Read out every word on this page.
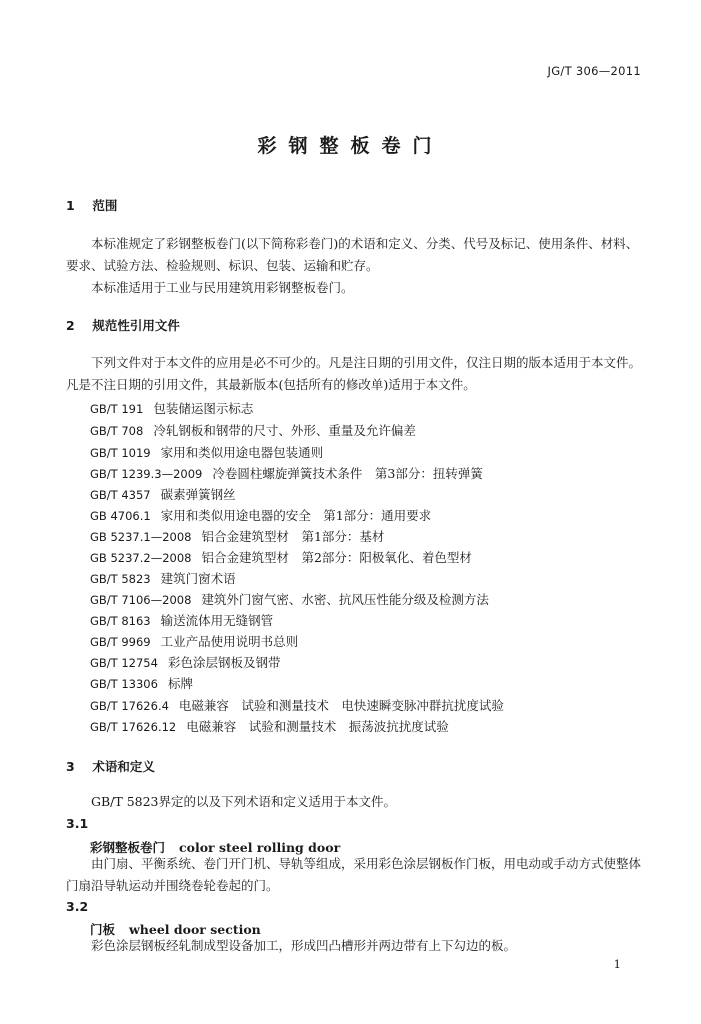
JG/T 306—2011
彩钢整板卷门
1 范围

本标准规定了彩钢整板卷门(以下简称彩卷门)的术语和定义、分类、代号及标记、使用条件、材料、要求、试验方法、检验规则、标识、包装、运输和贮存。

本标准适用于工业与民用建筑用彩钢整板卷门。

2 规范性引用文件

下列文件对于本文件的应用是必不可少的。凡是注日期的引用文件，仅注日期的版本适用于本文件。凡是不注日期的引用文件，其最新版本(包括所有的修改单)适用于本文件。

GB/T 191 包装储运图示标志
GB/T 708 冷轧钢板和钢带的尺寸、外形、重量及允许偏差
GB/T 1019 家用和类似用途电器包装通则
GB/T 1239.3—2009 冷卷圆柱螺旋弹簧技术条件　第3部分：扭转弹簧
GB/T 4357 碳素弹簧钢丝
GB 4706.1 家用和类似用途电器的安全　第1部分：通用要求
GB 5237.1—2008 铝合金建筑型材　第1部分：基材
GB 5237.2—2008 铝合金建筑型材　第2部分：阳极氧化、着色型材
GB/T 5823 建筑门窗术语
GB/T 7106—2008 建筑外门窗气密、水密、抗风压性能分级及检测方法
GB/T 8163 输送流体用无缝钢管
GB/T 9969 工业产品使用说明书总则
GB/T 12754 彩色涂层钢板及钢带
GB/T 13306 标牌
GB/T 17626.4 电磁兼容　试验和测量技术　电快速瞬变脉冲群抗扰度试验
GB/T 17626.12 电磁兼容　试验和测量技术　振荡波抗扰度试验
3 术语和定义

GB/T 5823界定的以及下列术语和定义适用于本文件。

3.1
彩钢整板卷门 color steel rolling door

由门扇、平衡系统、卷门开门机、导轨等组成，采用彩色涂层钢板作门板，用电动或手动方式使整体门扇沿导轨运动并围绕卷轮卷起的门。

3.2
门板 wheel door section

彩色涂层钢板经轧制成型设备加工，形成凹凸槽形并两边带有上下勾边的板。

1
